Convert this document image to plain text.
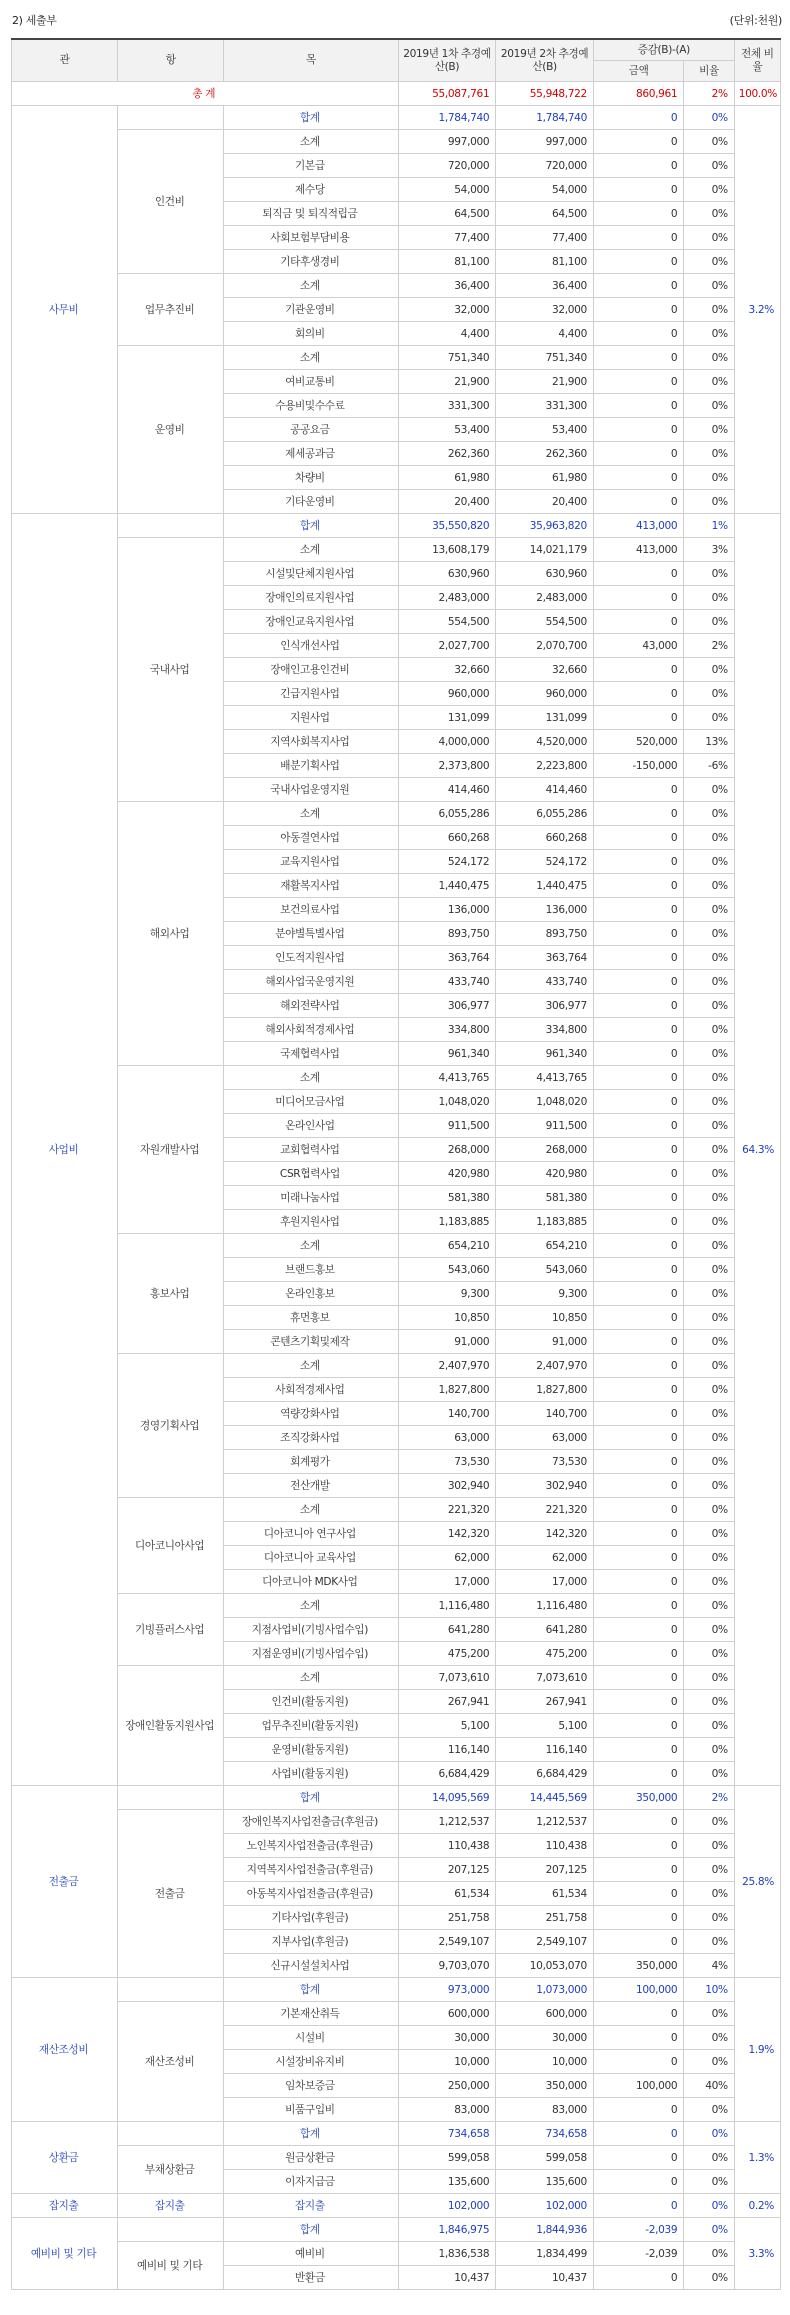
2) 세출부	(단위:천원)
관	항	목	2019년 1차 추경예산(B)	2019년 2차 추경예산(B)	증감(B)-(A)		전체 비율
					금액	비율	
총 계			55,087,761	55,948,722	860,961	2%	100.0%
사무비		합계	1,784,740	1,784,740	0	0%	3.2%
	인건비	소계	997,000	997,000	0	0%	
		기본급	720,000	720,000	0	0%	
		제수당	54,000	54,000	0	0%	
		퇴직금 및 퇴직적립금	64,500	64,500	0	0%	
		사회보험부담비용	77,400	77,400	0	0%	
		기타후생경비	81,100	81,100	0	0%	
	업무추진비	소계	36,400	36,400	0	0%	
		기관운영비	32,000	32,000	0	0%	
		회의비	4,400	4,400	0	0%	
	운영비	소계	751,340	751,340	0	0%	
		여비교통비	21,900	21,900	0	0%	
		수용비및수수료	331,300	331,300	0	0%	
		공공요금	53,400	53,400	0	0%	
		제세공과금	262,360	262,360	0	0%	
		차량비	61,980	61,980	0	0%	
		기타운영비	20,400	20,400	0	0%	
사업비		합계	35,550,820	35,963,820	413,000	1%	64.3%
	국내사업	소계	13,608,179	14,021,179	413,000	3%	
		시설및단체지원사업	630,960	630,960	0	0%	
		장애인의료지원사업	2,483,000	2,483,000	0	0%	
		장애인교육지원사업	554,500	554,500	0	0%	
		인식개선사업	2,027,700	2,070,700	43,000	2%	
		장애인고용인건비	32,660	32,660	0	0%	
		긴급지원사업	960,000	960,000	0	0%	
		지원사업	131,099	131,099	0	0%	
		지역사회복지사업	4,000,000	4,520,000	520,000	13%	
		배분기획사업	2,373,800	2,223,800	-150,000	-6%	
		국내사업운영지원	414,460	414,460	0	0%	
	해외사업	소계	6,055,286	6,055,286	0	0%	
		아동결연사업	660,268	660,268	0	0%	
		교육지원사업	524,172	524,172	0	0%	
		재활복지사업	1,440,475	1,440,475	0	0%	
		보건의료사업	136,000	136,000	0	0%	
		분야별특별사업	893,750	893,750	0	0%	
		인도적지원사업	363,764	363,764	0	0%	
		해외사업국운영지원	433,740	433,740	0	0%	
		해외전략사업	306,977	306,977	0	0%	
		해외사회적경제사업	334,800	334,800	0	0%	
		국제협력사업	961,340	961,340	0	0%	
	자원개발사업	소계	4,413,765	4,413,765	0	0%	
		미디어모금사업	1,048,020	1,048,020	0	0%	
		온라인사업	911,500	911,500	0	0%	
		교회협력사업	268,000	268,000	0	0%	
		CSR협력사업	420,980	420,980	0	0%	
		미래나눔사업	581,380	581,380	0	0%	
		후원지원사업	1,183,885	1,183,885	0	0%	
	홍보사업	소계	654,210	654,210	0	0%	
		브랜드홍보	543,060	543,060	0	0%	
		온라인홍보	9,300	9,300	0	0%	
		휴먼홍보	10,850	10,850	0	0%	
		콘텐츠기획및제작	91,000	91,000	0	0%	
	경영기획사업	소계	2,407,970	2,407,970	0	0%	
		사회적경제사업	1,827,800	1,827,800	0	0%	
		역량강화사업	140,700	140,700	0	0%	
		조직강화사업	63,000	63,000	0	0%	
		회계평가	73,530	73,530	0	0%	
		전산개발	302,940	302,940	0	0%	
	디아코니아사업	소계	221,320	221,320	0	0%	
		디아코니아 연구사업	142,320	142,320	0	0%	
		디아코니아 교육사업	62,000	62,000	0	0%	
		디아코니아 MDK사업	17,000	17,000	0	0%	
	기빙플러스사업	소계	1,116,480	1,116,480	0	0%	
		지점사업비(기빙사업수입)	641,280	641,280	0	0%	
		지점운영비(기빙사업수입)	475,200	475,200	0	0%	
	장애인활동지원사업	소계	7,073,610	7,073,610	0	0%	
		인건비(활동지원)	267,941	267,941	0	0%	
		업무추진비(활동지원)	5,100	5,100	0	0%	
		운영비(활동지원)	116,140	116,140	0	0%	
		사업비(활동지원)	6,684,429	6,684,429	0	0%	
전출금		합계	14,095,569	14,445,569	350,000	2%	25.8%
	전출금	장애인복지사업전출금(후원금)	1,212,537	1,212,537	0	0%	
		노인복지사업전출금(후원금)	110,438	110,438	0	0%	
		지역복지사업전출금(후원금)	207,125	207,125	0	0%	
		아동복지사업전출금(후원금)	61,534	61,534	0	0%	
		기타사업(후원금)	251,758	251,758	0	0%	
		지부사업(후원금)	2,549,107	2,549,107	0	0%	
		신규시설설치사업	9,703,070	10,053,070	350,000	4%	
재산조성비		합계	973,000	1,073,000	100,000	10%	1.9%
	재산조성비	기본재산취득	600,000	600,000	0	0%	
		시설비	30,000	30,000	0	0%	
		시설장비유지비	10,000	10,000	0	0%	
		임차보증금	250,000	350,000	100,000	40%	
		비품구입비	83,000	83,000	0	0%	
상환금		합계	734,658	734,658	0	0%	1.3%
	부채상환금	원금상환금	599,058	599,058	0	0%	
		이자지급금	135,600	135,600	0	0%	
잡지출	잡지출	잡지출	102,000	102,000	0	0%	0.2%
예비비 및 기타		합계	1,846,975	1,844,936	-2,039	0%	3.3%
	예비비 및 기타	예비비	1,836,538	1,834,499	-2,039	0%	
		반환금	10,437	10,437	0	0%	
